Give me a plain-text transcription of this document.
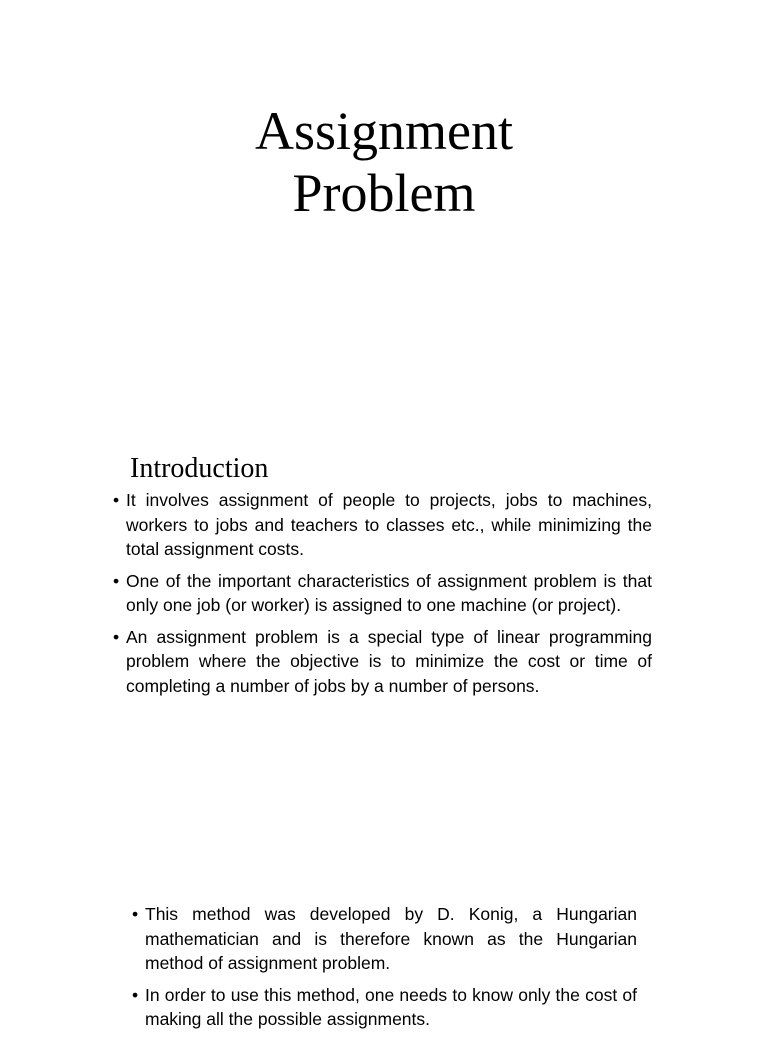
Assignment
Problem
Introduction
• It involves assignment of people to projects, jobs to machines, workers to jobs and teachers to classes etc., while minimizing the total assignment costs.
• One of the important characteristics of assignment problem is that only one job (or worker) is assigned to one machine (or project).
• An assignment problem is a special type of linear programming problem where the objective is to minimize the cost or time of completing a number of jobs by a number of persons.
• This method was developed by D. Konig, a Hungarian mathematician and is therefore known as the Hungarian method of assignment problem.
• In order to use this method, one needs to know only the cost of making all the possible assignments.
